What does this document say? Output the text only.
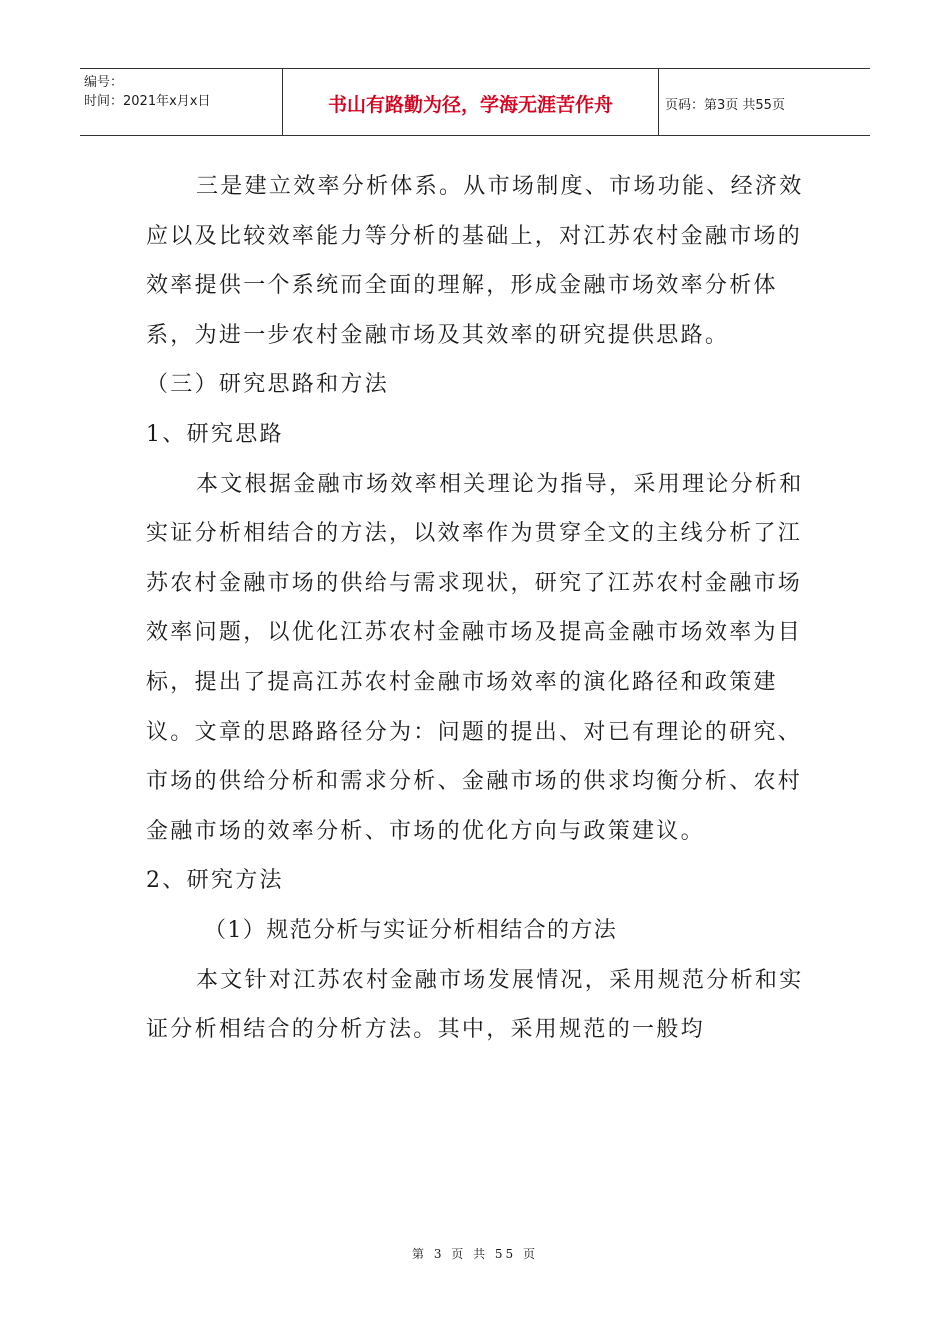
编号：
时间：2021年x月x日	书山有路勤为径，学海无涯苦作舟	页码：第3页 共55页

三是建立效率分析体系。从市场制度、市场功能、经济效应以及比较效率能力等分析的基础上，对江苏农村金融市场的效率提供一个系统而全面的理解，形成金融市场效率分析体系，为进一步农村金融市场及其效率的研究提供思路。

（三）研究思路和方法

1、研究思路

本文根据金融市场效率相关理论为指导，采用理论分析和实证分析相结合的方法，以效率作为贯穿全文的主线分析了江苏农村金融市场的供给与需求现状，研究了江苏农村金融市场效率问题，以优化江苏农村金融市场及提高金融市场效率为目标，提出了提高江苏农村金融市场效率的演化路径和政策建议。文章的思路路径分为：问题的提出、对已有理论的研究、市场的供给分析和需求分析、金融市场的供求均衡分析、农村金融市场的效率分析、市场的优化方向与政策建议。

2、研究方法

（1）规范分析与实证分析相结合的方法

本文针对江苏农村金融市场发展情况，采用规范分析和实证分析相结合的分析方法。其中，采用规范的一般均

第 3 页 共 55 页
